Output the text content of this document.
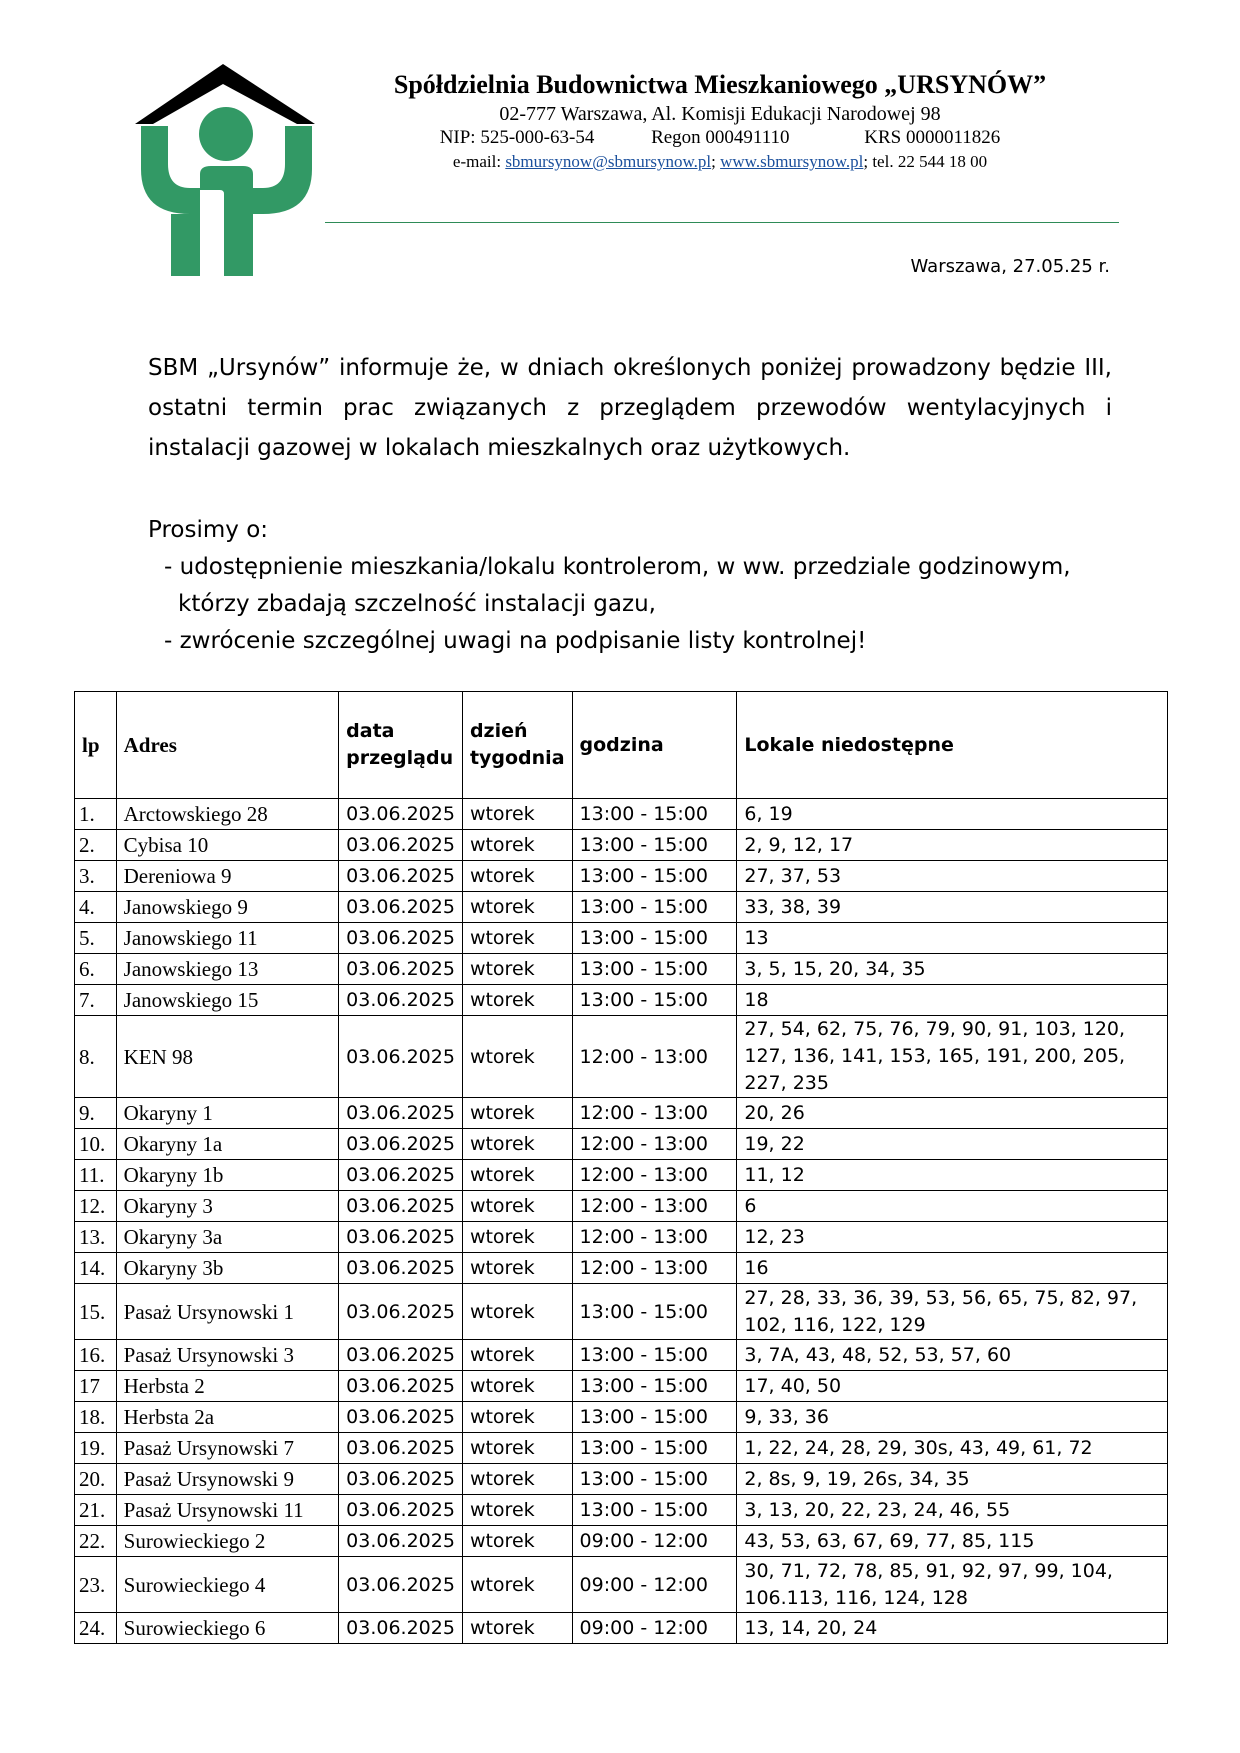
Spółdzielnia Budownictwa Mieszkaniowego „URSYNÓW”
02-777 Warszawa, Al. Komisji Edukacji Narodowej 98
NIP: 525-000-63-54	Regon 000491110	KRS 0000011826
e-mail: sbmursynow@sbmursynow.pl; www.sbmursynow.pl; tel. 22 544 18 00
Warszawa, 27.05.25 r.
SBM „Ursynów” informuje że, w dniach określonych poniżej prowadzony będzie III, ostatni termin prac związanych z przeglądem przewodów wentylacyjnych i instalacji gazowej w lokalach mieszkalnych oraz użytkowych.
Prosimy o:
- udostępnienie mieszkania/lokalu kontrolerom, w ww. przedziale godzinowym,
którzy zbadają szczelność instalacji gazu,
- zwrócenie szczególnej uwagi na podpisanie listy kontrolnej!
lp	Adres	data przeglądu	dzień tygodnia	godzina	Lokale niedostępne
1.	Arctowskiego 28	03.06.2025	wtorek	13:00 - 15:00	6, 19
2.	Cybisa 10	03.06.2025	wtorek	13:00 - 15:00	2, 9, 12, 17
3.	Dereniowa 9	03.06.2025	wtorek	13:00 - 15:00	27, 37, 53
4.	Janowskiego 9	03.06.2025	wtorek	13:00 - 15:00	33, 38, 39
5.	Janowskiego 11	03.06.2025	wtorek	13:00 - 15:00	13
6.	Janowskiego 13	03.06.2025	wtorek	13:00 - 15:00	3, 5, 15, 20, 34, 35
7.	Janowskiego 15	03.06.2025	wtorek	13:00 - 15:00	18
8.	KEN 98	03.06.2025	wtorek	12:00 - 13:00	27, 54, 62, 75, 76, 79, 90, 91, 103, 120, 127, 136, 141, 153, 165, 191, 200, 205, 227, 235
9.	Okaryny 1	03.06.2025	wtorek	12:00 - 13:00	20, 26
10.	Okaryny 1a	03.06.2025	wtorek	12:00 - 13:00	19, 22
11.	Okaryny 1b	03.06.2025	wtorek	12:00 - 13:00	11, 12
12.	Okaryny 3	03.06.2025	wtorek	12:00 - 13:00	6
13.	Okaryny 3a	03.06.2025	wtorek	12:00 - 13:00	12, 23
14.	Okaryny 3b	03.06.2025	wtorek	12:00 - 13:00	16
15.	Pasaż Ursynowski 1	03.06.2025	wtorek	13:00 - 15:00	27, 28, 33, 36, 39, 53, 56, 65, 75, 82, 97, 102, 116, 122, 129
16.	Pasaż Ursynowski 3	03.06.2025	wtorek	13:00 - 15:00	3, 7A, 43, 48, 52, 53, 57, 60
17	Herbsta 2	03.06.2025	wtorek	13:00 - 15:00	17, 40, 50
18.	Herbsta 2a	03.06.2025	wtorek	13:00 - 15:00	9, 33, 36
19.	Pasaż Ursynowski 7	03.06.2025	wtorek	13:00 - 15:00	1, 22, 24, 28, 29, 30s, 43, 49, 61, 72
20.	Pasaż Ursynowski 9	03.06.2025	wtorek	13:00 - 15:00	2, 8s, 9, 19, 26s, 34, 35
21.	Pasaż Ursynowski 11	03.06.2025	wtorek	13:00 - 15:00	3, 13, 20, 22, 23, 24, 46, 55
22.	Surowieckiego 2	03.06.2025	wtorek	09:00 - 12:00	43, 53, 63, 67, 69, 77, 85, 115
23.	Surowieckiego 4	03.06.2025	wtorek	09:00 - 12:00	30, 71, 72, 78, 85, 91, 92, 97, 99, 104, 106.113, 116, 124, 128
24.	Surowieckiego 6	03.06.2025	wtorek	09:00 - 12:00	13, 14, 20, 24
